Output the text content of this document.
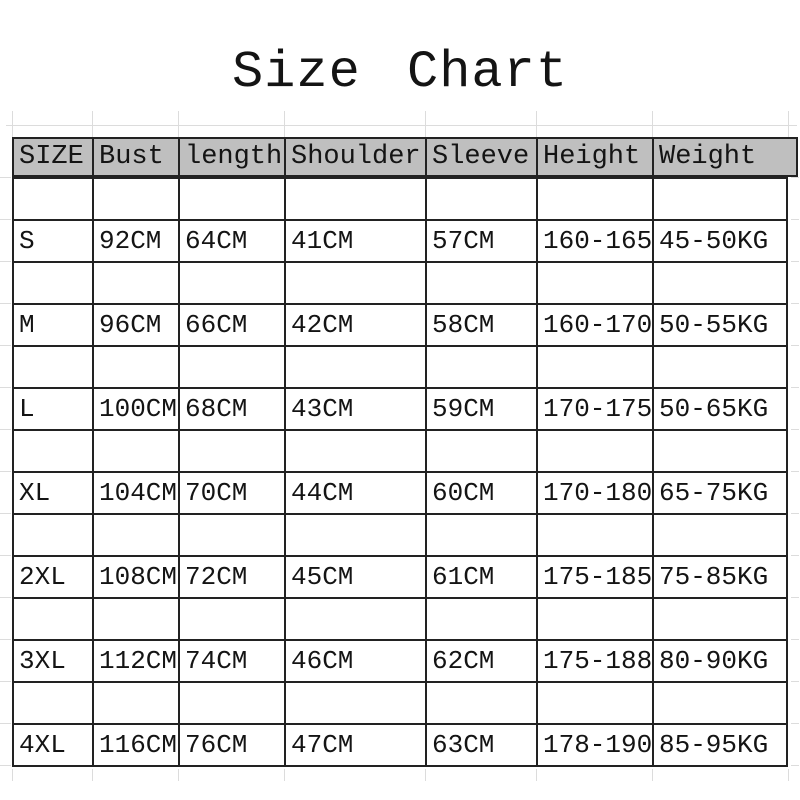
Size Chart
SIZE Bust length Shoulder Sleeve Height Weight
S	92CM 64CM	41CM	57CM	160-165 45-50KG
M	96CM 66CM	42CM	58CM	160-170 50-55KG
L	100CM 68CM	43CM	59CM	170-175 50-65KG
XL	104CM 70CM	44CM	60CM	170-180 65-75KG
2XL	108CM 72CM	45CM	61CM	175-185 75-85KG
3XL	112CM 74CM	46CM	62CM	175-188 80-90KG
4XL	116CM 76CM	47CM	63CM	178-190 85-95KG
